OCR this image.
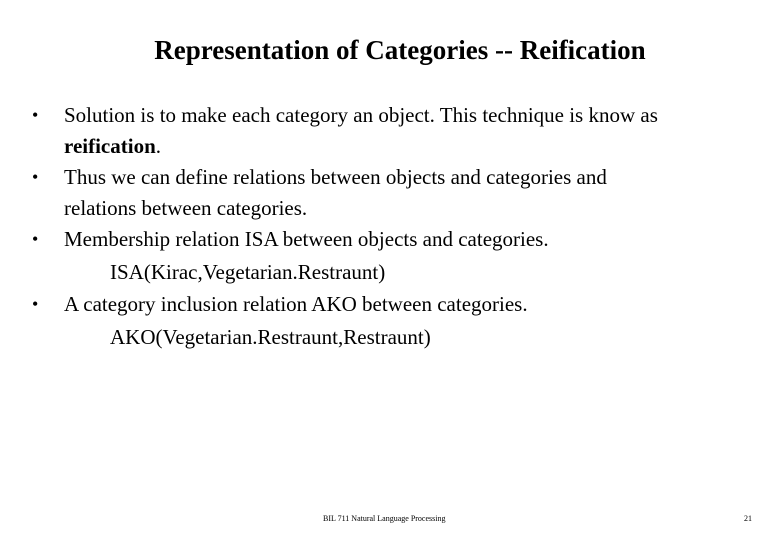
Representation of Categories -- Reification
•	Solution is to make each category an object. This technique is know as
reification.
•	Thus we can define relations between objects and categories and
relations between categories.
•	Membership relation ISA between objects and categories.
ISA(Kirac,Vegetarian.Restraunt)
•	A category inclusion relation AKO between categories.
AKO(Vegetarian.Restraunt,Restraunt)
BIL 711 Natural Language Processing	21
